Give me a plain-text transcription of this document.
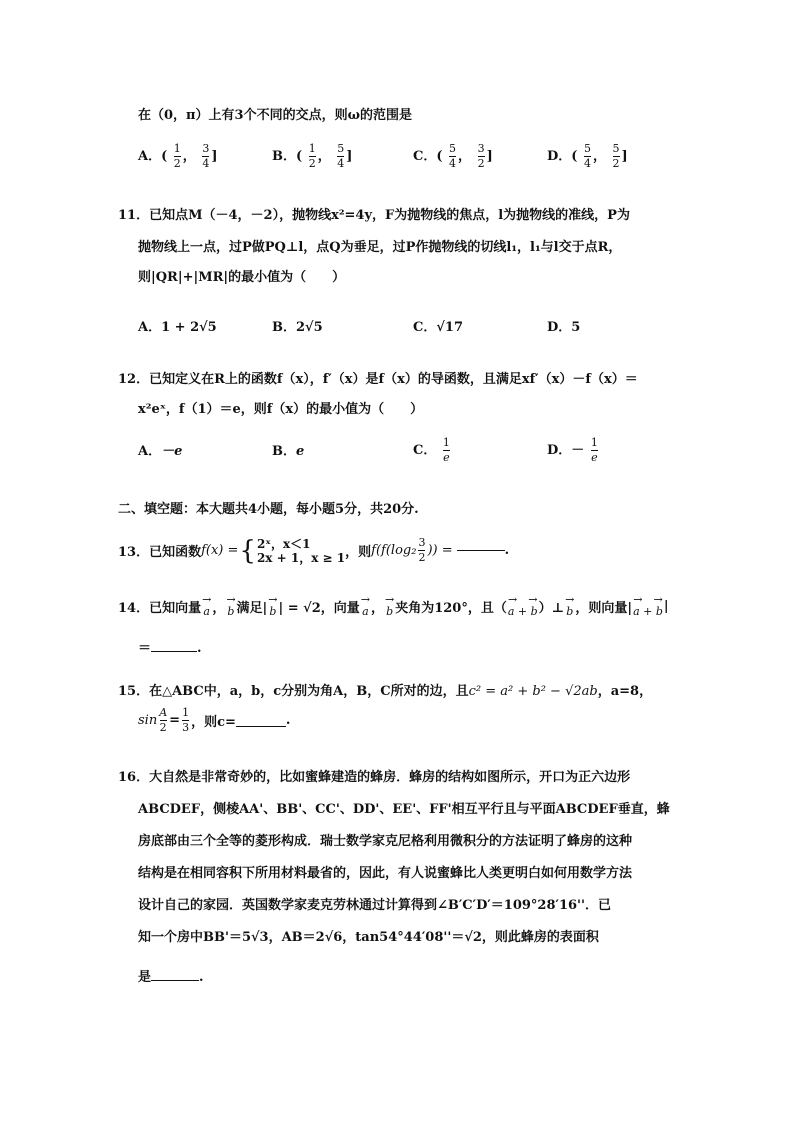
在（0，π）上有3个不同的交点，则ω的范围是
A．( $\frac{1}{2}$ ， $\frac{3}{4}$ ]	B．( $\frac{1}{2}$ ， $\frac{5}{4}$ ]	C．( $\frac{5}{4}$ ， $\frac{3}{2}$ ]	D．( $\frac{5}{4}$ ， $\frac{5}{2}$ ]
11．已知点M（－4，－2），抛物线x²=4y，F为抛物线的焦点，l为抛物线的准线，P为
抛物线上一点，过P做PQ⊥l，点Q为垂足，过P作抛物线的切线l₁，l₁与l交于点R，
则|QR|+|MR|的最小值为（　　）
A．1 + 2√5	B．2√5	C．√17	D．5
12．已知定义在R上的函数f（x），f′（x）是f（x）的导函数，且满足xf′（x）－f（x）＝
x²eˣ，f（1）＝e，则f（x）的最小值为（　　）
A．－e	B．e	C． $\frac{1}{e}$	D．－ $\frac{1}{e}$
二、填空题：本大题共4小题，每小题5分，共20分.
13．已知函数 f(x) = { 2ˣ，x＜1
2x + 1，x ≥ 1 ，则 $f(f(\log_2 \frac{3}{2}$ )) =	.
14．已知向量
→
a ，
→
b 满足|
→
b | = √2，向量
→
a ，
→
b 夹角为120°，且（
→　→
a + b ）⊥
→
b ，则向量|
→　→
a + b |
＝	.
15．在△ABC中，a，b，c分别为角A，B，C所对的边，且c² = a² + b² − √2ab，a=8，
$\sin \frac{A}{2} = \frac{1}{3}$ ，则c=	.
16．大自然是非常奇妙的，比如蜜蜂建造的蜂房．蜂房的结构如图所示，开口为正六边形
ABCDEF，侧棱AA'、BB'、CC'、DD'、EE'、FF'相互平行且与平面ABCDEF垂直，蜂
房底部由三个全等的菱形构成．瑞士数学家克尼格利用微积分的方法证明了蜂房的这种
结构是在相同容积下所用材料最省的，因此，有人说蜜蜂比人类更明白如何用数学方法
设计自己的家园．英国数学家麦克劳林通过计算得到∠B′C′D′＝109°28′16''．已
知一个房中BB'＝5√3，AB＝2√6，tan54°44′08''＝√2，则此蜂房的表面积
是	.
